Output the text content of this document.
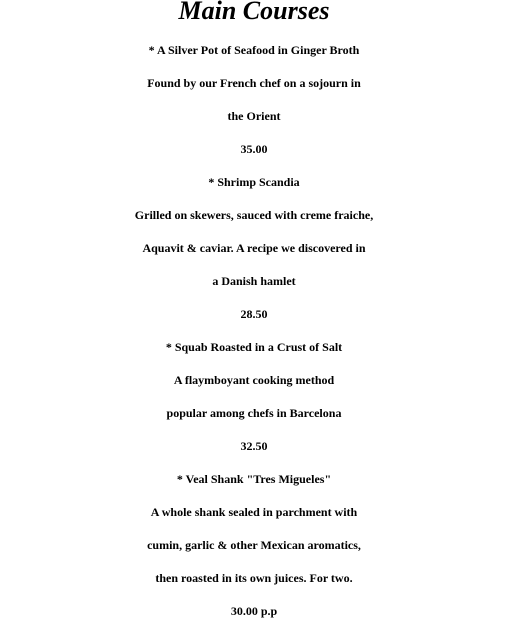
Main Courses

* A Silver Pot of Seafood in Ginger Broth

Found by our French chef on a sojourn in

the Orient

35.00

* Shrimp Scandia

Grilled on skewers, sauced with creme fraiche,

Aquavit & caviar. A recipe we discovered in

a Danish hamlet

28.50

* Squab Roasted in a Crust of Salt

A flaymboyant cooking method

popular among chefs in Barcelona

32.50

* Veal Shank "Tres Migueles"

A whole shank sealed in parchment with

cumin, garlic & other Mexican aromatics,

then roasted in its own juices. For two.

30.00 p.p
